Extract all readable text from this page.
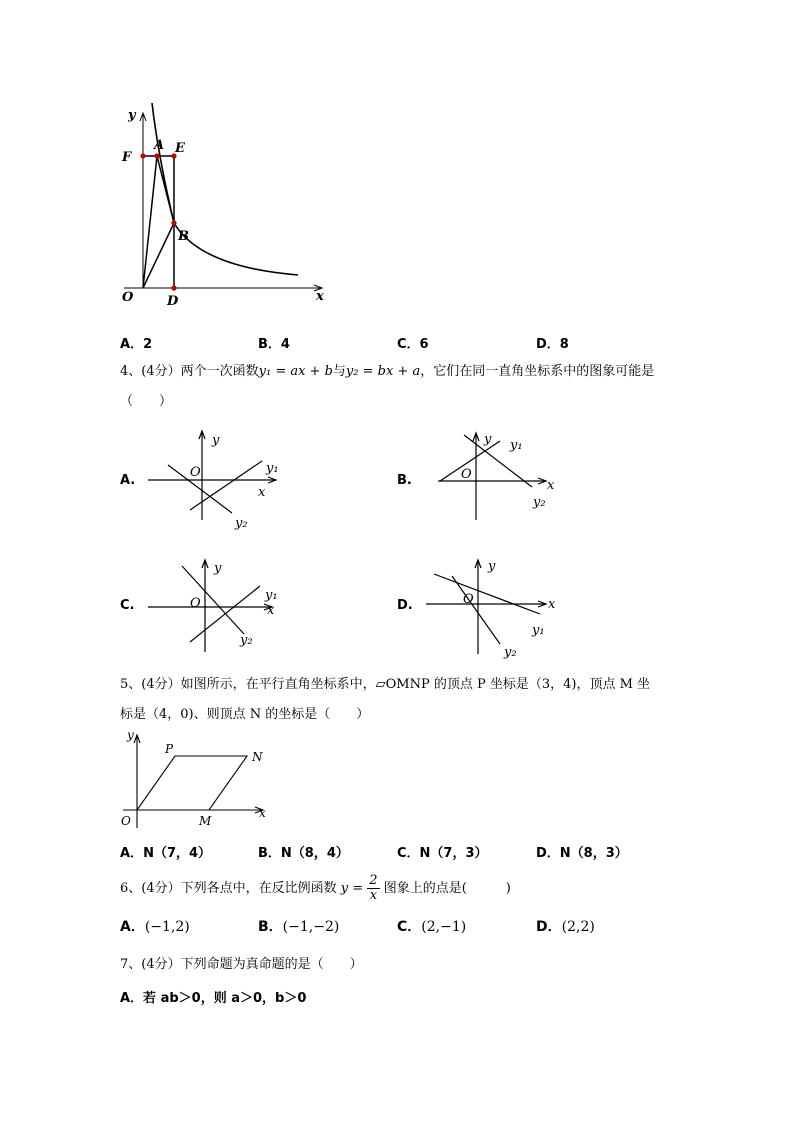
y
x
O
F
A E
B
D
A．2	B．4	C．6	D．8
4、(4分）两个一次函数y₁ = ax + b与y₂ = bx + a，它们在同一直角坐标系中的图象可能是
（　　）
A.
y
O
x
y₁
y₂
B.
y
O
x
y₁
y₂
C.
y
O	x
y₁
y₂
D.
y
O	x
y₁
y₂
5、(4分）如图所示，在平行直角坐标系中，▱OMNP 的顶点 P 坐标是（3，4)，顶点 M 坐
标是（4，0)、则顶点 N 的坐标是（　　）
y
x
O
P
N
M
A．N（7，4）	B．N（8，4）	C．N（7，3）	D．N（8，3）
6、(4分）下列各点中，在反比例函数 $y = \frac{2}{x}$ 图象上的点是(　　　)
A．(−1,2)	B．(−1,−2)	C．(2,−1)	D．(2,2)
7、(4分）下列命题为真命题的是（　　）
A．若 ab＞0，则 a＞0，b＞0
